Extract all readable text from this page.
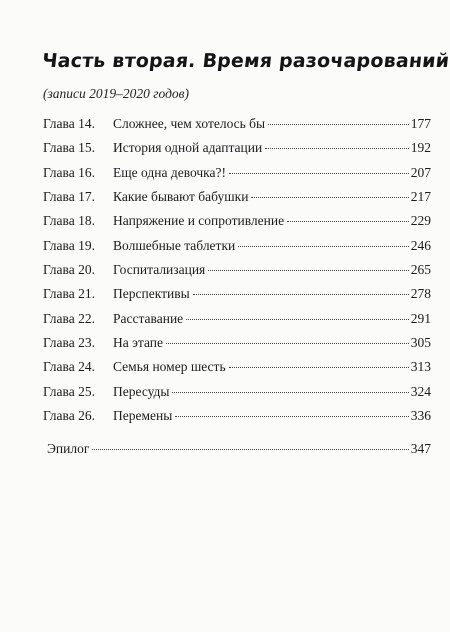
Часть вторая. Время разочарований
(записи 2019–2020 годов)
Глава 14.	Сложнее, чем хотелось бы	177
Глава 15.	История одной адаптации	192
Глава 16.	Еще одна девочка?!	207
Глава 17.	Какие бывают бабушки	217
Глава 18.	Напряжение и сопротивление	229
Глава 19.	Волшебные таблетки	246
Глава 20.	Госпитализация	265
Глава 21.	Перспективы	278
Глава 22.	Расставание	291
Глава 23.	На этапе	305
Глава 24.	Семья номер шесть	313
Глава 25.	Пересуды	324
Глава 26.	Перемены	336
Эпилог	347
